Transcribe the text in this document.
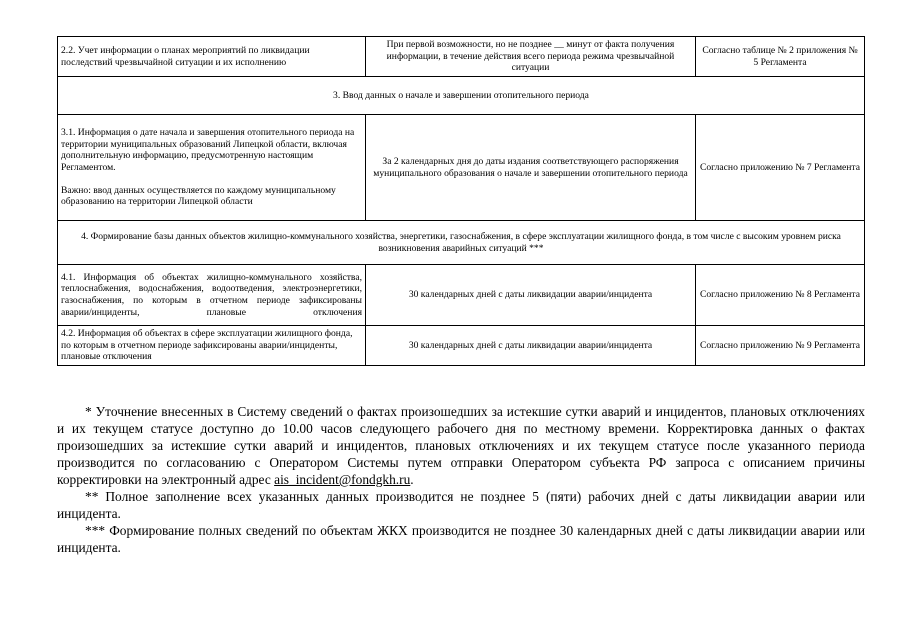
2.2. Учет информации о планах мероприятий по ликвидации последствий чрезвычайной ситуации и их исполнению	При первой возможности, но не позднее __ минут от факта получения информации, в течение действия всего периода режима чрезвычайной ситуации	Согласно таблице № 2 приложения № 5 Регламента
3. Ввод данных о начале и завершении отопительного периода		

3.1. Информация о дате начала и завершения отопительного периода на территории муниципальных образований Липецкой области, включая дополнительную информацию, предусмотренную настоящим Регламентом.

Важно: ввод данных осуществляется по каждому муниципальному образованию на территории Липецкой области	За 2 календарных дня до даты издания соответствующего распоряжения муниципального образования о начале и завершении отопительного периода	Согласно приложению № 7 Регламента
4. Формирование базы данных объектов жилищно-коммунального хозяйства, энергетики, газоснабжения, в сфере эксплуатации жилищного фонда, в том числе с высоким уровнем риска возникновения аварийных ситуаций ***		
4.1. Информация об объектах жилищно-коммунального хозяйства, теплоснабжения, водоснабжения, водоотведения, электроэнергетики, газоснабжения, по которым в отчетном периоде зафиксированы
аварии/инциденты, плановые отключения	30 календарных дней с даты ликвидации аварии/инцидента	Согласно приложению № 8 Регламента
4.2. Информация об объектах в сфере эксплуатации жилищного фонда, по которым в отчетном периоде зафиксированы аварии/инциденты, плановые отключения	30 календарных дней с даты ликвидации аварии/инцидента	Согласно приложению № 9 Регламента

* Уточнение внесенных в Систему сведений о фактах произошедших за истекшие сутки аварий и инцидентов, плановых отключениях и их текущем статусе доступно до 10.00 часов следующего рабочего дня по местному времени. Корректировка данных о фактах произошедших за истекшие сутки аварий и инцидентов, плановых отключениях и их текущем статусе после указанного периода производится по согласованию с Оператором Системы путем отправки Оператором субъекта РФ запроса с описанием причины корректировки на электронный адрес ais_incident@fondgkh.ru.

** Полное заполнение всех указанных данных производится не позднее 5 (пяти) рабочих дней с даты ликвидации аварии или инцидента.

*** Формирование полных сведений по объектам ЖКХ производится не позднее 30 календарных дней с даты ликвидации аварии или инцидента.
